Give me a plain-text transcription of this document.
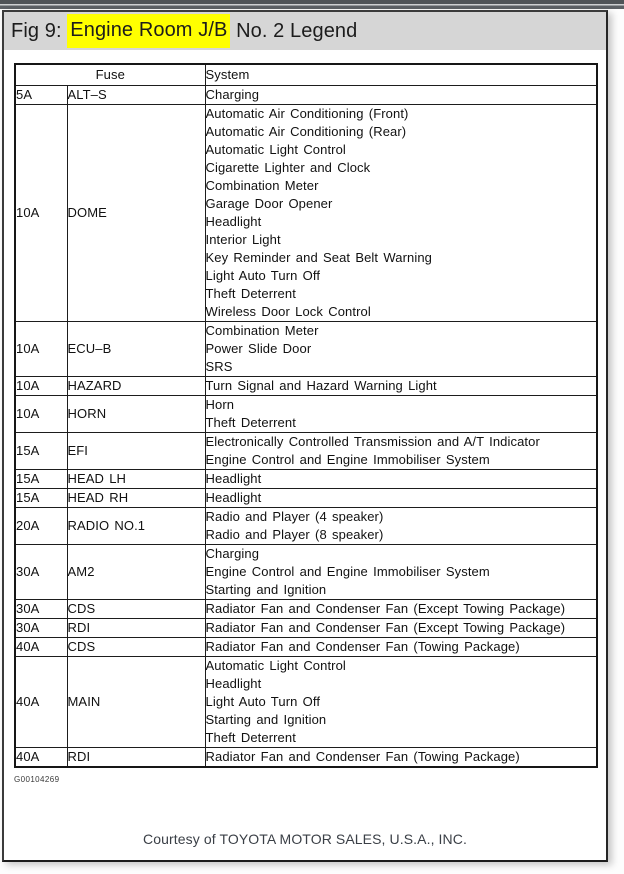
Fig 9: Engine Room J/B No. 2 Legend
Fuse		System
5A	ALT–S	Charging

10A	DOME	
Automatic Air Conditioning (Front)
Automatic Air Conditioning (Rear)
Automatic Light Control
Cigarette Lighter and Clock
Combination Meter
Garage Door Opener
Headlight
Interior Light
Key Reminder and Seat Belt Warning
Light Auto Turn Off
Theft Deterrent
Wireless Door Lock Control

10A	ECU–B	Combination Meter
Power Slide Door
SRS

10A	HAZARD	Turn Signal and Hazard Warning Light

10A	HORN	Horn
Theft Deterrent

15A	EFI	Electronically Controlled Transmission and A/T Indicator
Engine Control and Engine Immobiliser System

15A	HEAD LH	Headlight

15A	HEAD RH	Headlight

20A	RADIO NO.1	Radio and Player (4 speaker)
Radio and Player (8 speaker)

30A	AM2	Charging
Engine Control and Engine Immobiliser System
Starting and Ignition

30A	CDS	Radiator Fan and Condenser Fan (Except Towing Package)

30A	RDI	Radiator Fan and Condenser Fan (Except Towing Package)

40A	CDS	Radiator Fan and Condenser Fan (Towing Package)

40A	MAIN	Automatic Light Control
Headlight
Light Auto Turn Off
Starting and Ignition
Theft Deterrent

40A	RDI	Radiator Fan and Condenser Fan (Towing Package)
G00104269
Courtesy of TOYOTA MOTOR SALES, U.S.A., INC.
